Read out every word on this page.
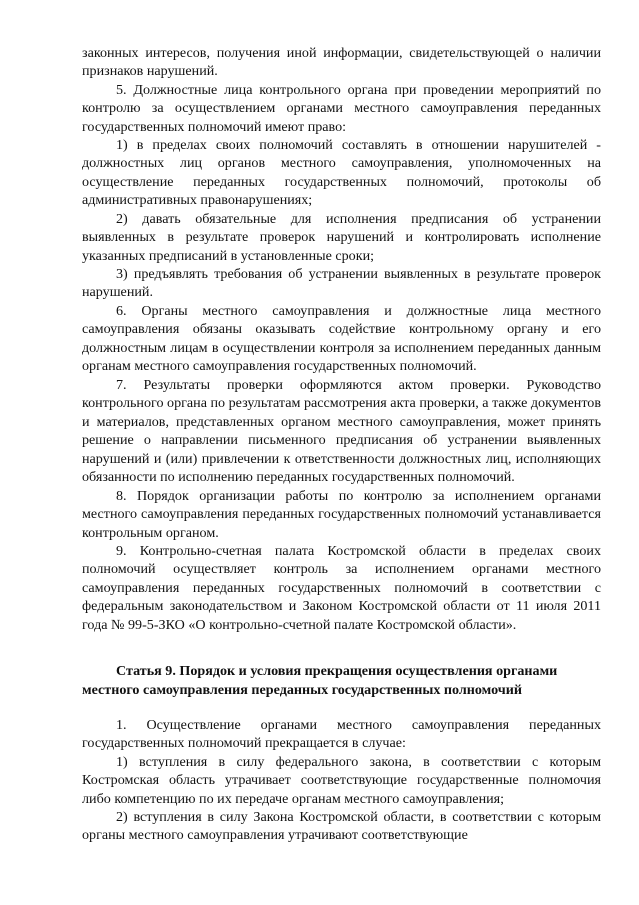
законных интересов, получения иной информации, свидетельствующей о наличии признаков нарушений.

5. Должностные лица контрольного органа при проведении мероприятий по контролю за осуществлением органами местного самоуправления переданных государственных полномочий имеют право:

1) в пределах своих полномочий составлять в отношении нарушителей - должностных лиц органов местного самоуправления, уполномоченных на осуществление переданных государственных полномочий, протоколы об административных правонарушениях;

2) давать обязательные для исполнения предписания об устранении выявленных в результате проверок нарушений и контролировать исполнение указанных предписаний в установленные сроки;

3) предъявлять требования об устранении выявленных в результате проверок нарушений.

6. Органы местного самоуправления и должностные лица местного самоуправления обязаны оказывать содействие контрольному органу и его должностным лицам в осуществлении контроля за исполнением переданных данным органам местного самоуправления государственных полномочий.

7. Результаты проверки оформляются актом проверки. Руководство контрольного органа по результатам рассмотрения акта проверки, а также документов и материалов, представленных органом местного самоуправления, может принять решение о направлении письменного предписания об устранении выявленных нарушений и (или) привлечении к ответственности должностных лиц, исполняющих обязанности по исполнению переданных государственных полномочий.

8. Порядок организации работы по контролю за исполнением органами местного самоуправления переданных государственных полномочий устанавливается контрольным органом.

9. Контрольно-счетная палата Костромской области в пределах своих полномочий осуществляет контроль за исполнением органами местного самоуправления переданных государственных полномочий в соответствии с федеральным законодательством и Законом Костромской области от 11 июля 2011 года № 99-5-ЗКО «О контрольно-счетной палате Костромской области».

Статья 9. Порядок и условия прекращения осуществления органами местного самоуправления переданных государственных полномочий

1. Осуществление органами местного самоуправления переданных государственных полномочий прекращается в случае:

1) вступления в силу федерального закона, в соответствии с которым Костромская область утрачивает соответствующие государственные полномочия либо компетенцию по их передаче органам местного самоуправления;

2) вступления в силу Закона Костромской области, в соответствии с которым органы местного самоуправления утрачивают соответствующие
